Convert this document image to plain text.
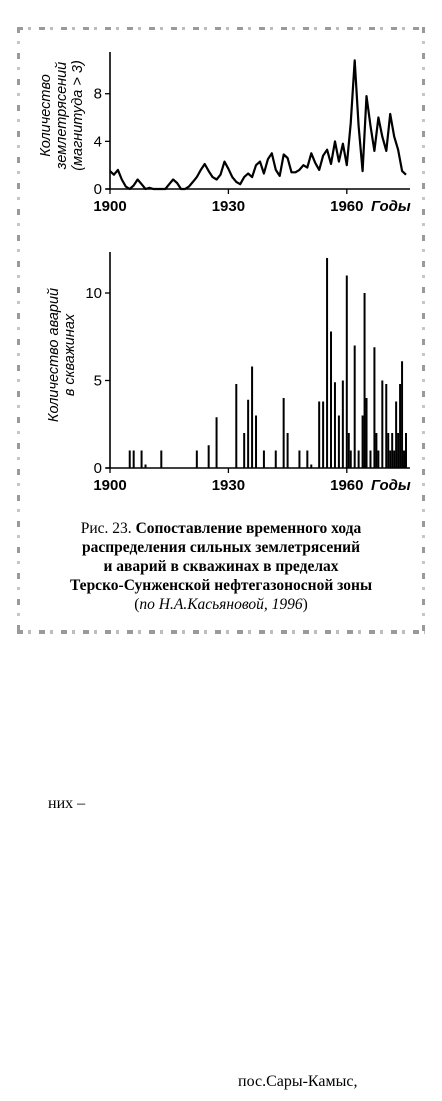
Количество землетрясений (магнитуда > 3)
Годы
0
4
8
1900	1930	1960
Количество аварий в скважинах
Годы
0
5
10
1900	1930	1960
Рис. 23. Сопоставление временного хода
распределения сильных землетрясений
и аварий в скважинах в пределах
Терско-Сунженской нефтегазоносной зоны
(по Н.А.Касьяновой, 1996)
них –
пос.Сары-Камыс,
